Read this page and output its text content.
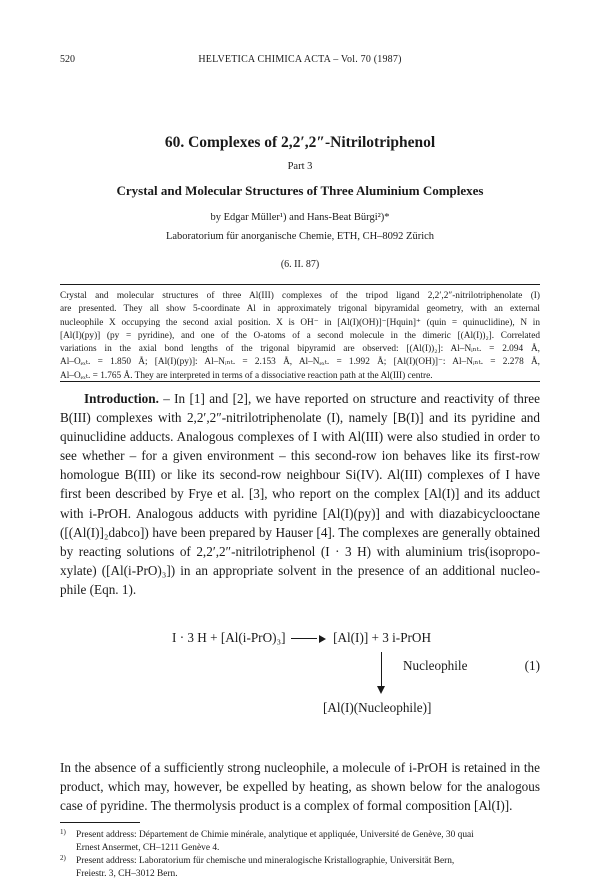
520	HELVETICA CHIMICA ACTA – Vol. 70 (1987)
60. Complexes of 2,2′,2″-Nitrilotriphenol
Part 3
Crystal and Molecular Structures of Three Aluminium Complexes
by Edgar Müller¹) and Hans-Beat Bürgi²)*
Laboratorium für anorganische Chemie, ETH, CH–8092 Zürich
(6. II. 87)
Crystal and molecular structures of three Al(III) complexes of the tripod ligand 2,2′,2″-nitrilotriphenolate (I)
are presented. They all show 5-coordinate Al in approximately trigonal bipyramidal geometry, with an external
nucleophile X occupying the second axial position. X is OH⁻ in [Al(I)(OH)]⁻[Hquin]⁺ (quin = quinuclidine), N in
[Al(I)(py)] (py = pyridine), and one of the O-atoms of a second molecule in the dimeric [(Al(I))₂]. Correlated
variations in the axial bond lengths of the trigonal bipyramid are observed: [(Al(I))₂]: Al–Nᵢₙₜ. = 2.094 Å,
Al–Oₑₓₜ. = 1.850 Å; [Al(I)(py)]: Al–Nᵢₙₜ. = 2.153 Å, Al–Nₑₓₜ. = 1.992 Å; [Al(I)(OH)]⁻: Al–Nᵢₙₜ. = 2.278 Å,
Al–Oₑₓₜ. = 1.765 Å. They are interpreted in terms of a dissociative reaction path at the Al(III) centre.
Introduction. – In [1] and [2], we have reported on structure and reactivity of three
B(III) complexes with 2,2′,2″-nitrilotriphenolate (I), namely [B(I)] and its pyridine and
quinuclidine adducts. Analogous complexes of I with Al(III) were also studied in order to
see whether – for a given environment – this second-row ion behaves like its first-row
homologue B(III) or like its second-row neighbour Si(IV). Al(III) complexes of I have
first been described by Frye et al. [3], who report on the complex [Al(I)] and its adduct
with i-PrOH. Analogous adducts with pyridine [Al(I)(py)] and with diazabicyclooctane
([(Al(I)]₂dabco]) have been prepared by Hauser [4]. The complexes are generally obtained
by reacting solutions of 2,2′,2″-nitrilotriphenol (I · 3 H) with aluminium tris(isopropo-
xylate) ([Al(i-PrO)₃]) in an appropriate solvent in the presence of an additional nucleo-
phile (Eqn. 1).
I · 3 H + [Al(i-PrO)₃]	[Al(I)] + 3 i-PrOH
Nucleophile	(1)
[Al(I)(Nucleophile)]
In the absence of a sufficiently strong nucleophile, a molecule of i-PrOH is retained in the
product, which may, however, be expelled by heating, as shown below for the analogous
case of pyridine. The thermolysis product is a complex of formal composition [Al(I)].
1)	Present address: Département de Chimie minérale, analytique et appliquée, Université de Genève, 30 quai
Ernest Ansermet, CH–1211 Genève 4.
2)	Present address: Laboratorium für chemische und mineralogische Kristallographie, Universität Bern,
Freiestr. 3, CH–3012 Bern.
